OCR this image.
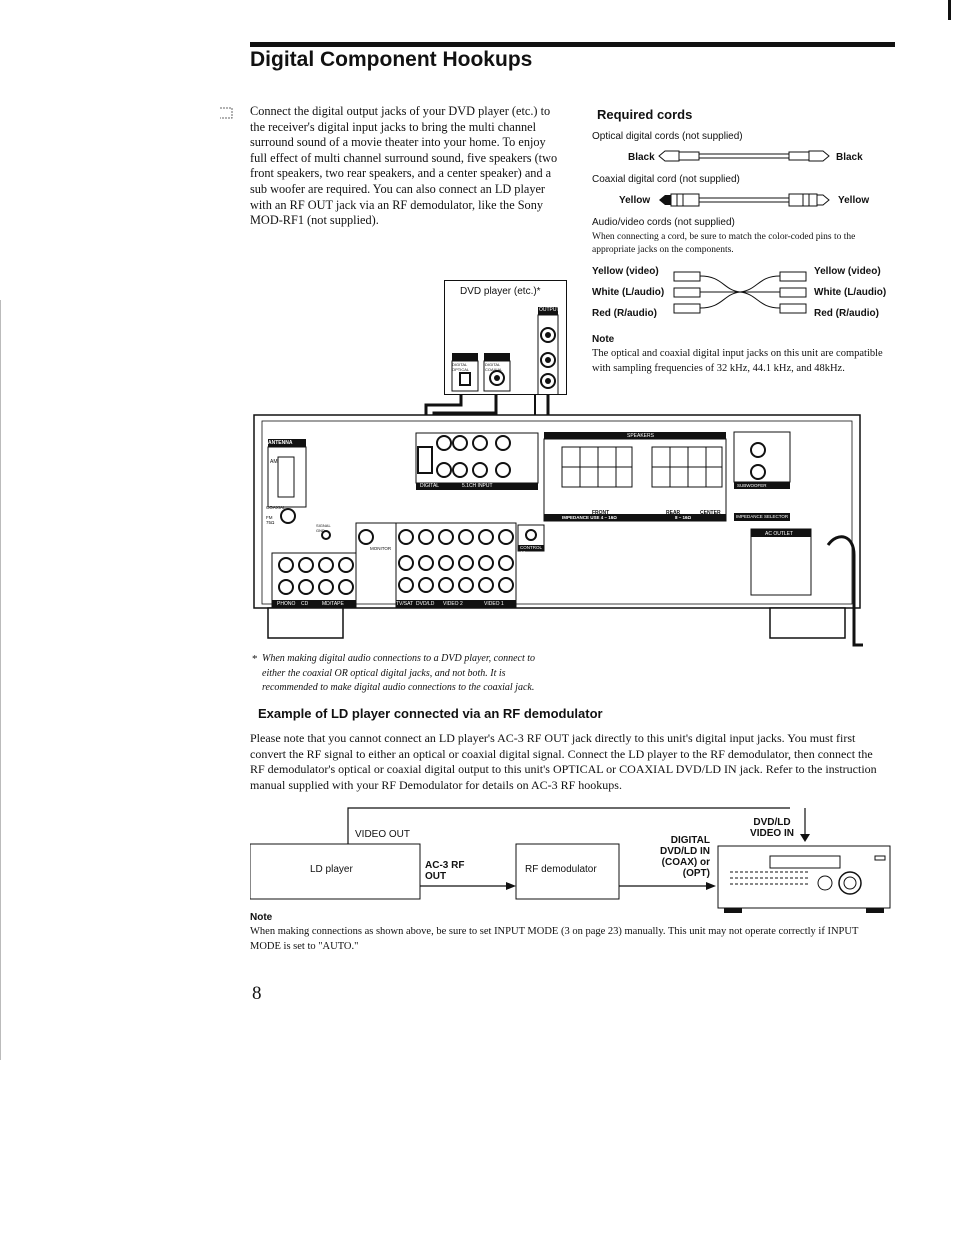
Digital Component Hookups
Connect the digital output jacks of your DVD player (etc.) to the receiver's digital input jacks to bring the multi channel surround sound of a movie theater into your home. To enjoy full effect of multi channel surround sound, five speakers (two front speakers, two rear speakers, and a center speaker) and a sub woofer are required. You can also connect an LD player with an RF OUT jack via an RF demodulator, like the Sony MOD-RF1 (not supplied).
Required cords
Optical digital cords (not supplied)
Black	Black
Coaxial digital cord (not supplied)
Yellow	Yellow
Audio/video cords (not supplied)
When connecting a cord, be sure to match the color-coded pins to the appropriate jacks on the components.
Yellow (video)
White (L/audio)
Red (R/audio)
Yellow (video)
White (L/audio)
Red (R/audio)
Note
The optical and coaxial digital input jacks on this unit are compatible with sampling frequencies of 32 kHz, 44.1 kHz, and 48kHz.
DVD player (etc.)*
OUTPUT
DIGITAL OPTICAL
DIGITAL COAXIAL
ANTENNA
AM
COAXIAL
FM 75Ω
DIGITAL	5.1CH INPUT
SPEAKERS
FRONT	REAR	CENTER
IMPEDANCE USE 4 – 16Ω	8 – 16Ω
SUBWOOFER
IMPEDANCE SELECTOR
AC OUTLET
CONTROL A1
MONITOR
SIGNAL GND
PHONO CD	MD/TAPE	TV/SAT DVD/LD VIDEO 2	VIDEO 1
* When making digital audio connections to a DVD player, connect to either the coaxial OR optical digital jacks, and not both. It is recommended to make digital audio connections to the coaxial jack.
Example of LD player connected via an RF demodulator
Please note that you cannot connect an LD player's AC-3 RF OUT jack directly to this unit's digital input jacks. You must first convert the RF signal to either an optical or coaxial digital signal. Connect the LD player to the RF demodulator, then connect the RF demodulator's optical or coaxial digital output to this unit's OPTICAL or COAXIAL DVD/LD IN jack. Refer to the instruction manual supplied with your RF Demodulator for details on AC-3 RF hookups.
VIDEO OUT
LD player	AC-3 RF OUT
RF demodulator
DIGITAL DVD/LD IN (COAX) or (OPT)
DVD/LD VIDEO IN
Note
When making connections as shown above, be sure to set INPUT MODE (3 on page 23) manually. This unit may not operate correctly if INPUT MODE is set to "AUTO."
8
